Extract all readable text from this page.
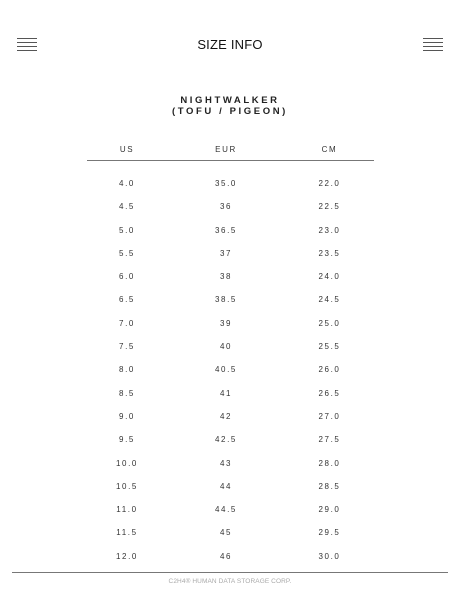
SIZE INFO
NIGHTWALKER
(TOFU / PIGEON)
US	EUR	CM
4.0	35.0	22.0
4.5	36	22.5
5.0	36.5	23.0
5.5	37	23.5
6.0	38	24.0
6.5	38.5	24.5
7.0	39	25.0
7.5	40	25.5
8.0	40.5	26.0
8.5	41	26.5
9.0	42	27.0
9.5	42.5	27.5
10.0	43	28.0
10.5	44	28.5
11.0	44.5	29.0
11.5	45	29.5
12.0	46	30.0
C2H4® HUMAN DATA STORAGE CORP.
